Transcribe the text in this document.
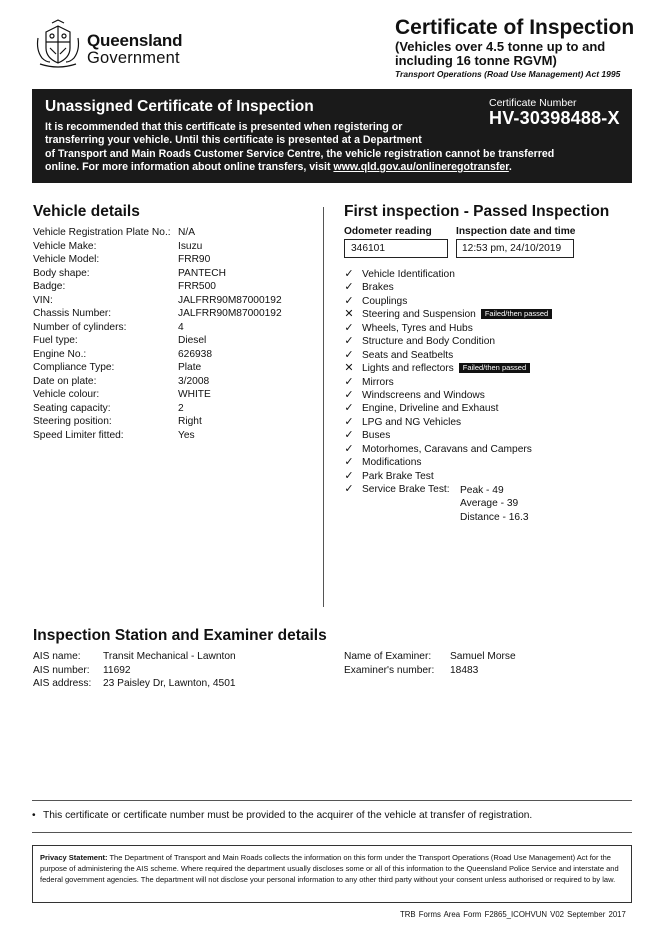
Queensland
Government
Certificate of Inspection
(Vehicles over 4.5 tonne up to and including 16 tonne RGVM)
Transport Operations (Road Use Management) Act 1995
Unassigned Certificate of Inspection	Certificate Number
HV-30398488-X
It is recommended that this certificate is presented when registering or
transferring your vehicle. Until this certificate is presented at a Department
of Transport and Main Roads Customer Service Centre, the vehicle registration cannot be transferred
online. For more information about online transfers, visit www.qld.gov.au/onlineregotransfer.
Vehicle details
Vehicle Registration Plate No.: N/A
Vehicle Make:	Isuzu
Vehicle Model:	FRR90
Body shape:	PANTECH
Badge:	FRR500
VIN:	JALFRR90M87000192
Chassis Number:	JALFRR90M87000192
Number of cylinders:	4
Fuel type:	Diesel
Engine No.:	626938
Compliance Type:	Plate
Date on plate:	3/2008
Vehicle colour:	WHITE
Seating capacity:	2
Steering position:	Right
Speed Limiter fitted:	Yes
First inspection - Passed Inspection
Odometer reading Inspection date and time
346101	12:53 pm, 24/10/2019
✓ Vehicle Identification
✓ Brakes
✓ Couplings
✕ Steering and Suspension Failed/then passed
✓ Wheels, Tyres and Hubs
✓ Structure and Body Condition
✓ Seats and Seatbelts
✕ Lights and reflectors Failed/then passed
✓ Mirrors
✓ Windscreens and Windows
✓ Engine, Driveline and Exhaust
✓ LPG and NG Vehicles
✓ Buses
✓ Motorhomes, Caravans and Campers
✓ Modifications
✓ Park Brake Test
✓ Service Brake Test: Peak - 49
Average - 39
Distance - 16.3
Inspection Station and Examiner details
AIS name: Transit Mechanical - Lawnton
AIS number: 11692
AIS address: 23 Paisley Dr, Lawnton, 4501
Name of Examiner: Samuel Morse
Examiner's number: 18483
• This certificate or certificate number must be provided to the acquirer of the vehicle at transfer of registration.
Privacy Statement: The Department of Transport and Main Roads collects the information on this form under the Transport Operations (Road Use Management) Act for the purpose of administering the AIS scheme. Where required the department usually discloses some or all of this information to the Queensland Police Service and interstate and federal government agencies. The department will not disclose your personal information to any other third party without your consent unless authorised or required to by law.
TRB Forms Area Form F2865_ICOHVUN V02 September 2017
